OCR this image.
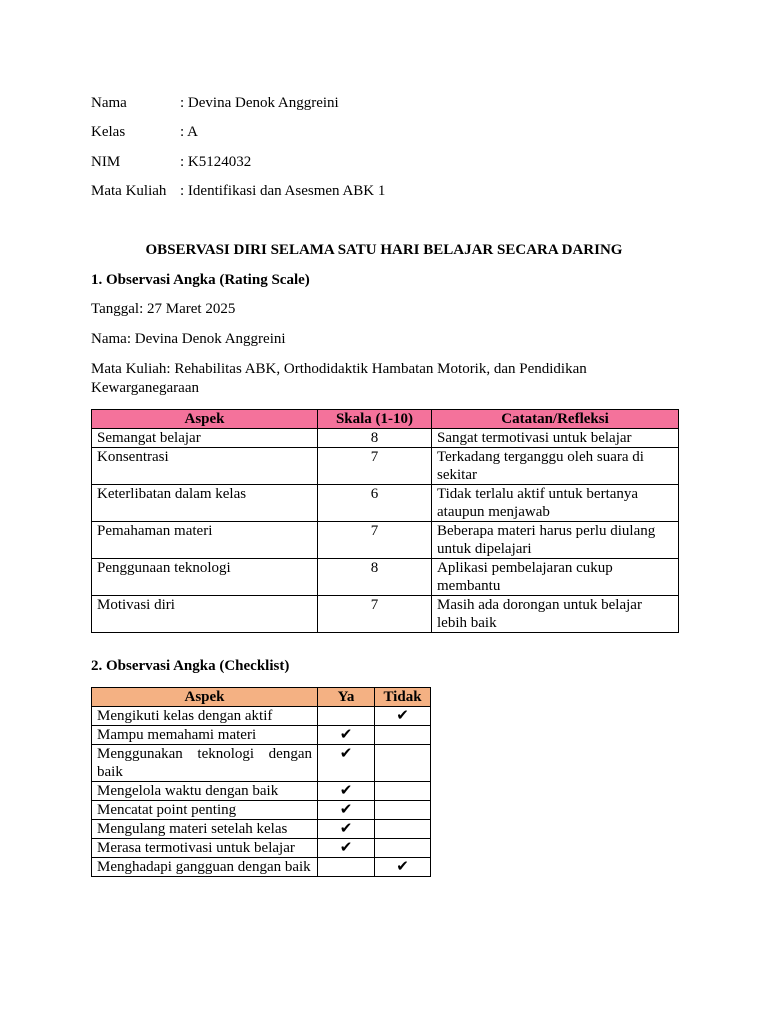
Nama	: Devina Denok Anggreini
Kelas	: A
NIM	: K5124032
Mata Kuliah : Identifikasi dan Asesmen ABK 1
OBSERVASI DIRI SELAMA SATU HARI BELAJAR SECARA DARING
1. Observasi Angka (Rating Scale)
Tanggal: 27 Maret 2025
Nama: Devina Denok Anggreini
Mata Kuliah: Rehabilitas ABK, Orthodidaktik Hambatan Motorik, dan Pendidikan Kewarganegaraan
Aspek	Skala (1-10)	Catatan/Refleksi
Semangat belajar	8	Sangat termotivasi untuk belajar
Konsentrasi	7	Terkadang terganggu oleh suara di sekitar
Keterlibatan dalam kelas	6	Tidak terlalu aktif untuk bertanya ataupun menjawab
Pemahaman materi	7	Beberapa materi harus perlu diulang untuk dipelajari
Penggunaan teknologi	8	Aplikasi pembelajaran cukup membantu
Motivasi diri	7	Masih ada dorongan untuk belajar lebih baik
2. Observasi Angka (Checklist)
Aspek	Ya	Tidak
Mengikuti kelas dengan aktif		✔
Mampu memahami materi	✔	
Menggunakan teknologi dengan baik	✔	
Mengelola waktu dengan baik	✔	
Mencatat point penting	✔	
Mengulang materi setelah kelas	✔	
Merasa termotivasi untuk belajar	✔	
Menghadapi gangguan dengan baik		✔
